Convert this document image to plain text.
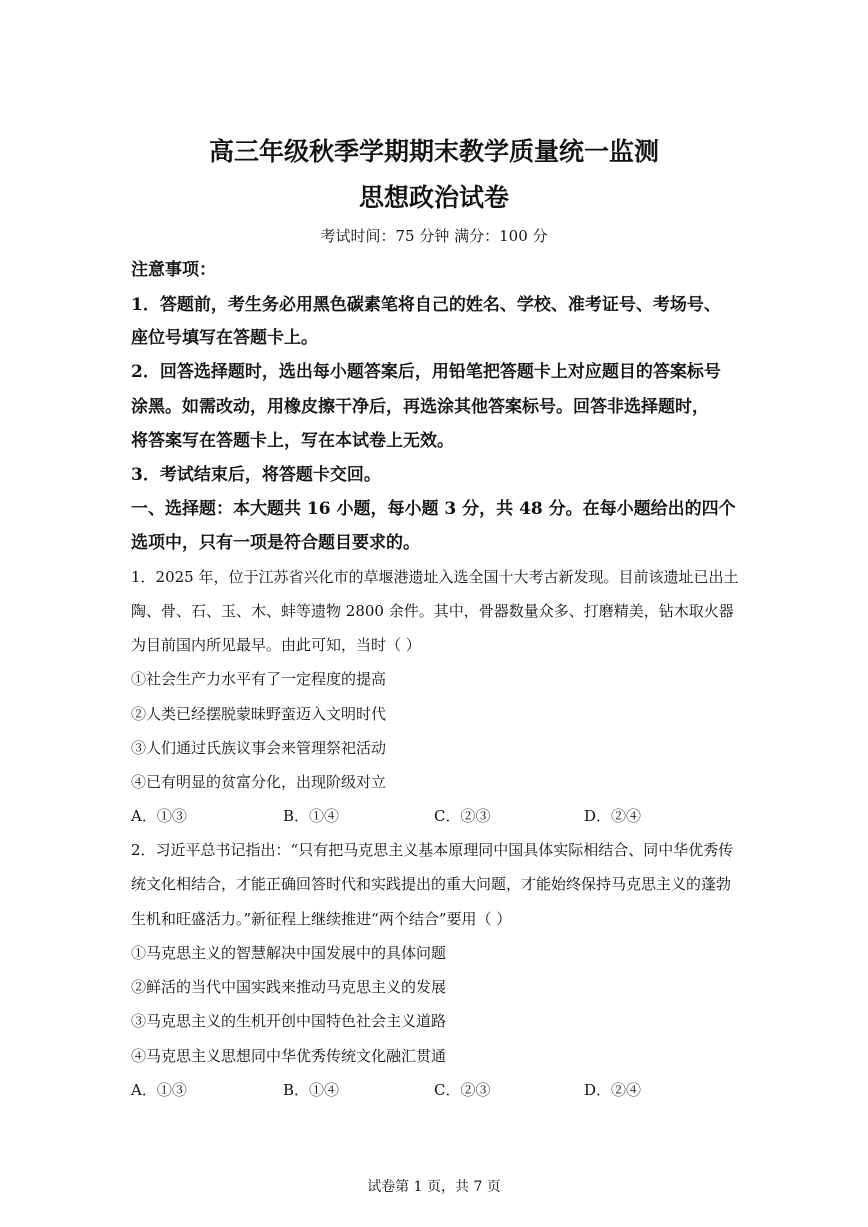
高三年级秋季学期期末教学质量统一监测
思想政治试卷
考试时间：75 分钟 满分：100 分
注意事项：
1．答题前，考生务必用黑色碳素笔将自己的姓名、学校、准考证号、考场号、
座位号填写在答题卡上。
2．回答选择题时，选出每小题答案后，用铅笔把答题卡上对应题目的答案标号
涂黑。如需改动，用橡皮擦干净后，再选涂其他答案标号。回答非选择题时，
将答案写在答题卡上，写在本试卷上无效。
3．考试结束后，将答题卡交回。
一、选择题：本大题共 16 小题，每小题 3 分，共 48 分。在每小题给出的四个
选项中，只有一项是符合题目要求的。
1．2025 年，位于江苏省兴化市的草堰港遗址入选全国十大考古新发现。目前该遗址已出土
陶、骨、石、玉、木、蚌等遗物 2800 余件。其中，骨器数量众多、打磨精美，钻木取火器
为目前国内所见最早。由此可知，当时（ ）
①社会生产力水平有了一定程度的提高
②人类已经摆脱蒙昧野蛮迈入文明时代
③人们通过氏族议事会来管理祭祀活动
④已有明显的贫富分化，出现阶级对立
A．①③	B．①④	C．②③	D．②④
2．习近平总书记指出：“只有把马克思主义基本原理同中国具体实际相结合、同中华优秀传
统文化相结合，才能正确回答时代和实践提出的重大问题，才能始终保持马克思主义的蓬勃
生机和旺盛活力。”新征程上继续推进“两个结合”要用（ ）
①马克思主义的智慧解决中国发展中的具体问题
②鲜活的当代中国实践来推动马克思主义的发展
③马克思主义的生机开创中国特色社会主义道路
④马克思主义思想同中华优秀传统文化融汇贯通
A．①③	B．①④	C．②③	D．②④
试卷第 1 页，共 7 页
